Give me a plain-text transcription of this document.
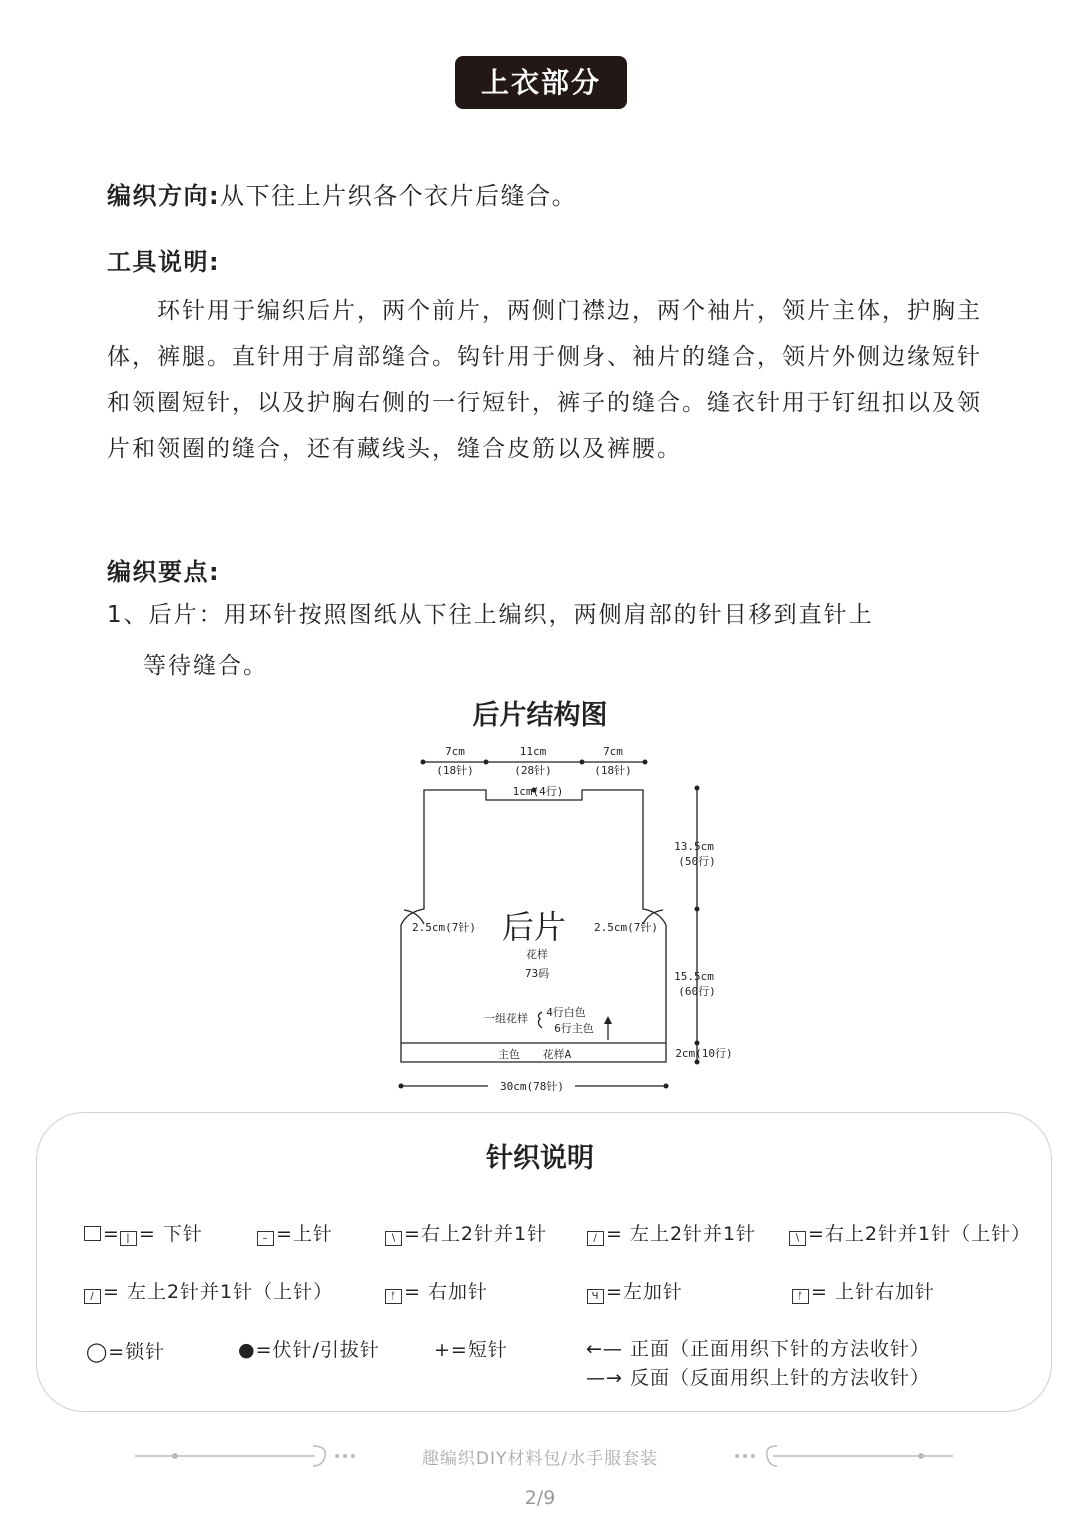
上衣部分
编织方向:从下往上片织各个衣片后缝合。
工具说明:
环针用于编织后片，两个前片，两侧门襟边，两个袖片，领片主体，护胸主体，裤腿。直针用于肩部缝合。钩针用于侧身、袖片的缝合，领片外侧边缘短针和领圈短针，以及护胸右侧的一行短针，裤子的缝合。缝衣针用于钉纽扣以及领片和领圈的缝合，还有藏线头，缝合皮筋以及裤腰。
编织要点:
1、后片：用环针按照图纸从下往上编织，两侧肩部的针目移到直针上
等待缝合。
后片结构图
7cm
(18针)
11cm
(28针)
7cm
(18针)
1cm(4行)
13.5cm
(50行)
15.5cm
(60行)
2cm(10行)
2.5cm(7针)	2.5cm(7针)
30cm(78针)
花样
73码
一组花样 4行白色
6行主色
主色 花样A
后片
针织说明
= | = 下针	– =上针	∖ =右上2针并1针	∕ = 左上2针并1针	∖ =右上2针并1针（上针）
∕ = 左上2针并1针（上针）	ᚠ = 右加针	Ч =左加针	ᚠ = 上针右加针
◯=锁针	●=伏针/引拔针	+=短针	←— 正面（正面用织下针的方法收针）
—→ 反面（反面用织上针的方法收针）
趣编织DIY材料包/水手服套装
2/9
